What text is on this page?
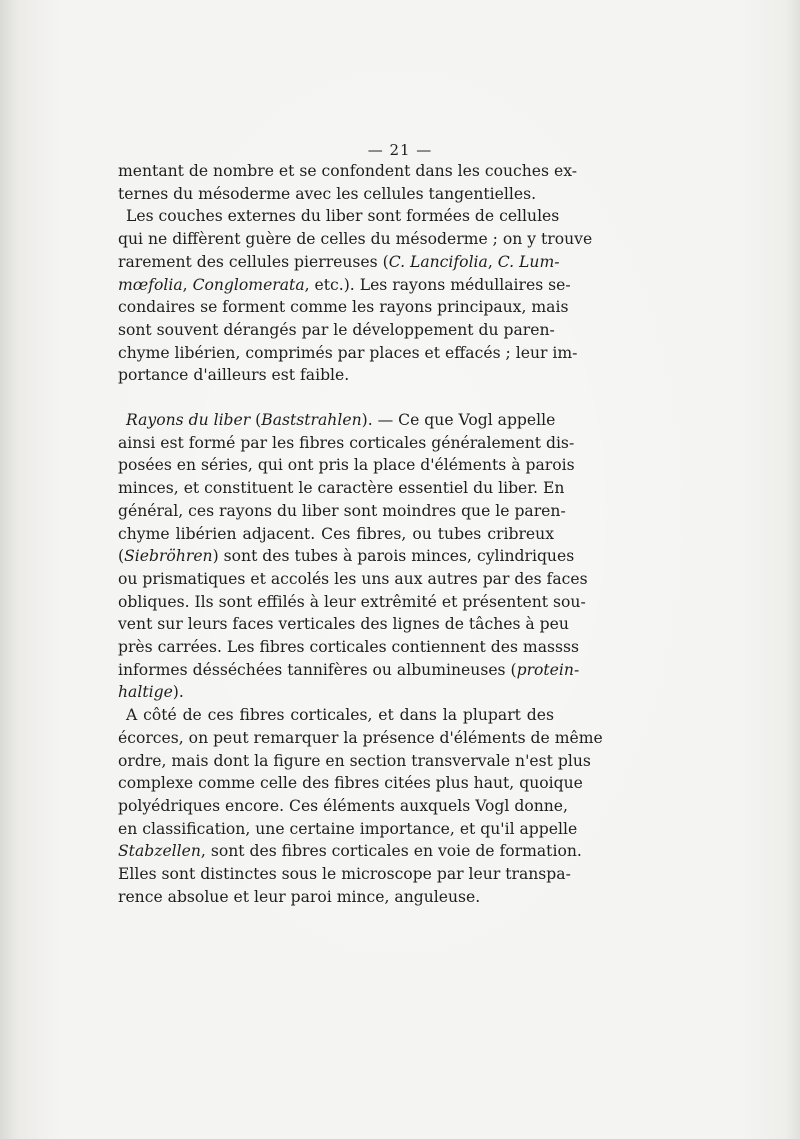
— 21 —

mentant de nombre et se confondent dans les couches ex-
ternes du mésoderme avec les cellules tangentielles.

Les couches externes du liber sont formées de cellules
qui ne diffèrent guère de celles du mésoderme ; on y trouve
rarement des cellules pierreuses (C. Lancifolia, C. Lum-
mœfolia, Conglomerata, etc.). Les rayons médullaires se-
condaires se forment comme les rayons principaux, mais
sont souvent dérangés par le développement du paren-
chyme libérien, comprimés par places et effacés ; leur im-
portance d'ailleurs est faible.

Rayons du liber (Baststrahlen). — Ce que Vogl appelle
ainsi est formé par les fibres corticales généralement dis-
posées en séries, qui ont pris la place d'éléments à parois
minces, et constituent le caractère essentiel du liber. En
général, ces rayons du liber sont moindres que le paren-
chyme libérien adjacent. Ces fibres, ou tubes cribreux
(Siebröhren) sont des tubes à parois minces, cylindriques
ou prismatiques et accolés les uns aux autres par des faces
obliques. Ils sont effilés à leur extrêmité et présentent sou-
vent sur leurs faces verticales des lignes de tâches à peu
près carrées. Les fibres corticales contiennent des massss
informes désséchées tannifères ou albumineuses (protein-
haltige).

A côté de ces fibres corticales, et dans la plupart des
écorces, on peut remarquer la présence d'éléments de même
ordre, mais dont la figure en section transvervale n'est plus
complexe comme celle des fibres citées plus haut, quoique
polyédriques encore. Ces éléments auxquels Vogl donne,
en classification, une certaine importance, et qu'il appelle
Stabzellen, sont des fibres corticales en voie de formation.
Elles sont distinctes sous le microscope par leur transpa-
rence absolue et leur paroi mince, anguleuse.
